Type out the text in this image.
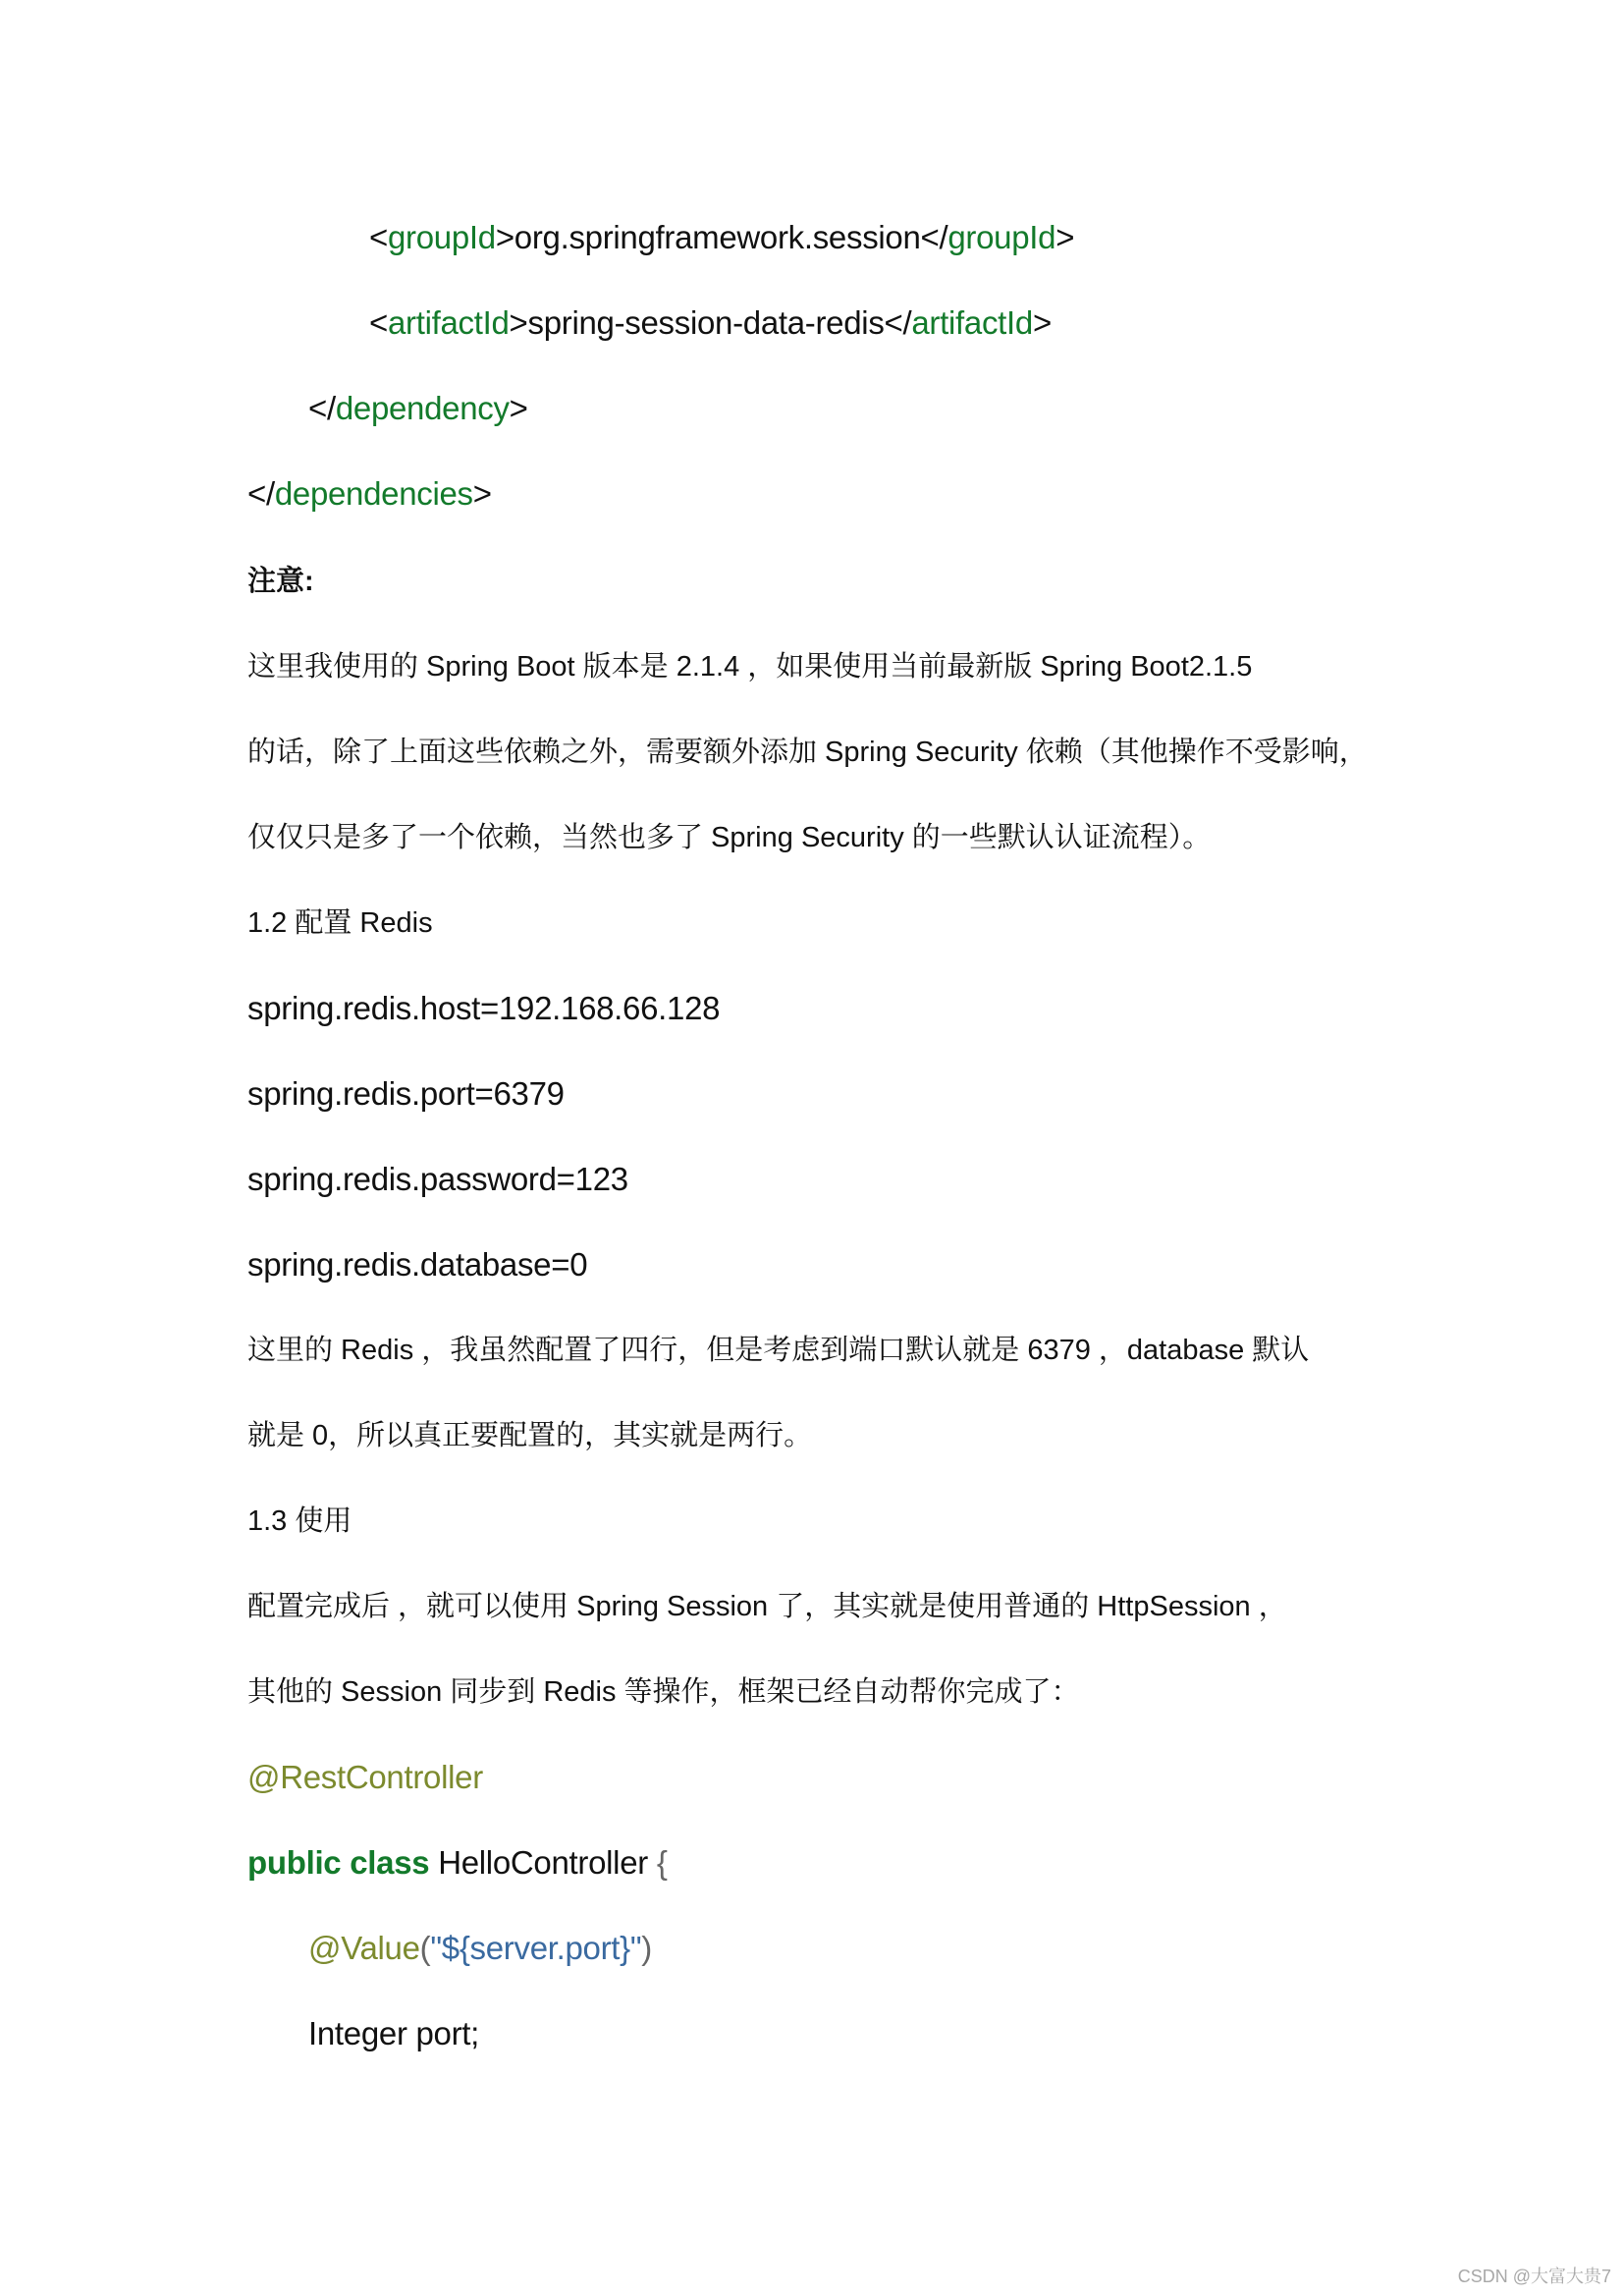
<groupId>org.springframework.session</groupId>
<artifactId>spring-session-data-redis</artifactId>
</dependency>
</dependencies>
注意:
这里我使用的 Spring Boot 版本是 2.1.4 ，如果使用当前最新版 Spring Boot2.1.5
的话，除了上面这些依赖之外，需要额外添加 Spring Security 依赖（其他操作不受影响，
仅仅只是多了一个依赖，当然也多了 Spring Security 的一些默认认证流程）。
1.2 配置 Redis
spring.redis.host=192.168.66.128
spring.redis.port=6379
spring.redis.password=123
spring.redis.database=0
这里的 Redis ，我虽然配置了四行，但是考虑到端口默认就是 6379 ，database 默认
就是 0，所以真正要配置的，其实就是两行。
1.3 使用
配置完成后 ，就可以使用 Spring Session 了，其实就是使用普通的 HttpSession ，
其他的 Session 同步到 Redis 等操作，框架已经自动帮你完成了：
@RestController
public class HelloController {
@Value("${server.port}")
Integer port;
CSDN @大富大贵7
